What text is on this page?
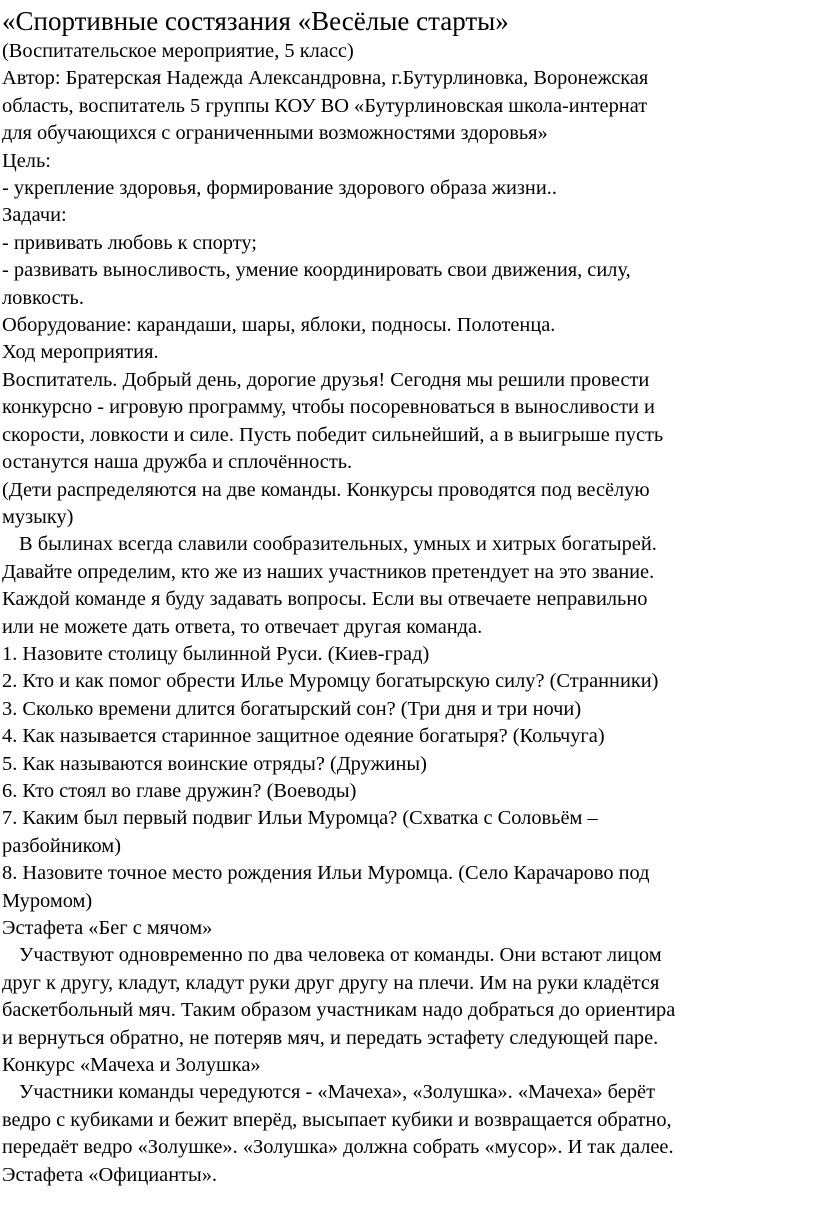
«Спортивные состязания «Весёлые старты»

(Воспитательское мероприятие, 5 класс)

Автор: Братерская Надежда Александровна, г.Бутурлиновка, Воронежская

область, воспитатель 5 группы КОУ ВО «Бутурлиновская школа-интернат

для обучающихся с ограниченными возможностями здоровья»

Цель:

- укрепление здоровья, формирование здорового образа жизни..

Задачи:

- прививать любовь к спорту;

- развивать выносливость, умение координировать свои движения, силу,

ловкость.

Оборудование: карандаши, шары, яблоки, подносы. Полотенца.

Ход мероприятия.

Воспитатель. Добрый день, дорогие друзья! Сегодня мы решили провести

конкурсно - игровую программу, чтобы посоревноваться в выносливости и

скорости, ловкости и силе. Пусть победит сильнейший, а в выигрыше пусть

останутся наша дружба и сплочённость.

(Дети распределяются на две команды. Конкурсы проводятся под весёлую

музыку)

В былинах всегда славили сообразительных, умных и хитрых богатырей.

Давайте определим, кто же из наших участников претендует на это звание.

Каждой команде я буду задавать вопросы. Если вы отвечаете неправильно

или не можете дать ответа, то отвечает другая команда.

1. Назовите столицу былинной Руси. (Киев-град)

2. Кто и как помог обрести Илье Муромцу богатырскую силу? (Странники)

3. Сколько времени длится богатырский сон? (Три дня и три ночи)

4. Как называется старинное защитное одеяние богатыря? (Кольчуга)

5. Как называются воинские отряды? (Дружины)

6. Кто стоял во главе дружин? (Воеводы)

7. Каким был первый подвиг Ильи Муромца? (Схватка с Соловьём –

разбойником)

8. Назовите точное место рождения Ильи Муромца. (Село Карачарово под

Муромом)

Эстафета «Бег с мячом»

Участвуют одновременно по два человека от команды. Они встают лицом

друг к другу, кладут, кладут руки друг другу на плечи. Им на руки кладётся

баскетбольный мяч. Таким образом участникам надо добраться до ориентира

и вернуться обратно, не потеряв мяч, и передать эстафету следующей паре.

Конкурс «Мачеха и Золушка»

Участники команды чередуются - «Мачеха», «Золушка». «Мачеха» берёт

ведро с кубиками и бежит вперёд, высыпает кубики и возвращается обратно,

передаёт ведро «Золушке». «Золушка» должна собрать «мусор». И так далее.

Эстафета «Официанты».
